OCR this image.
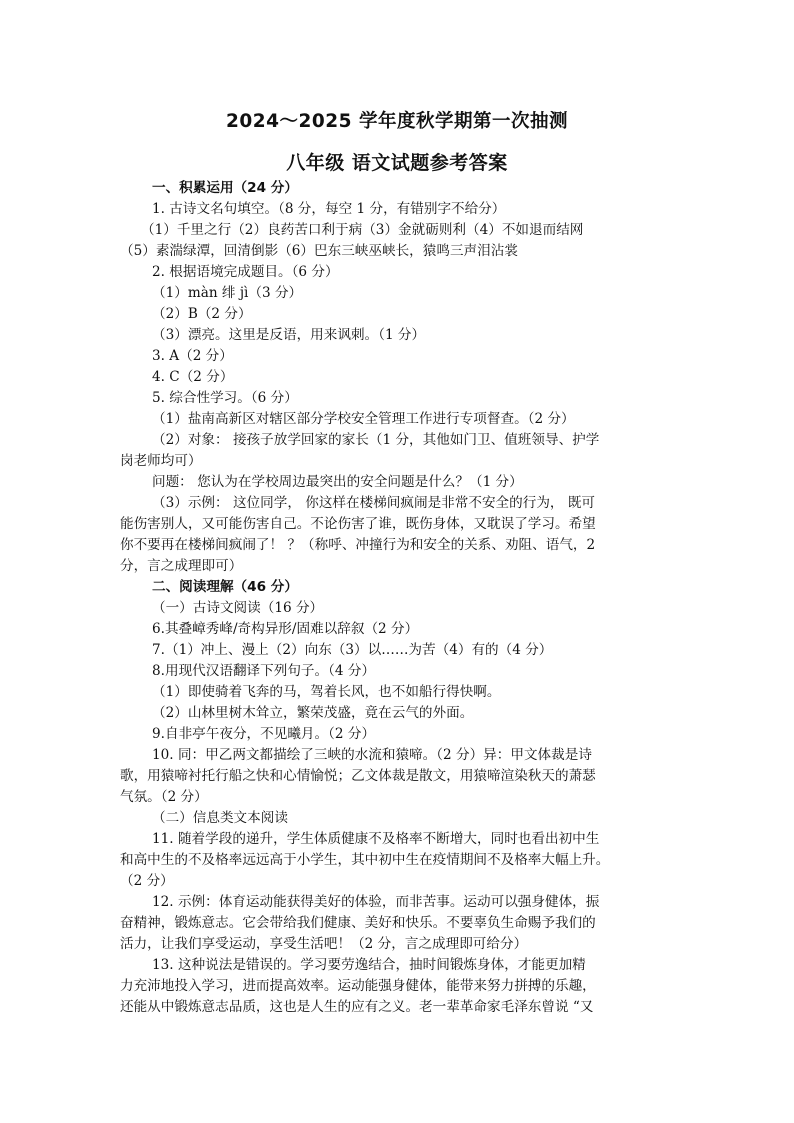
2024～2025 学年度秋学期第一次抽测
八年级 语文试题参考答案
一、积累运用（24 分）
1. 古诗文名句填空。（8 分，每空 1 分，有错别字不给分）
（1）千里之行（2）良药苦口利于病（3）金就砺则利（4）不如退而结网
（5）素湍绿潭，回清倒影（6）巴东三峡巫峡长，猿鸣三声泪沾裳
2. 根据语境完成题目。（6 分）
（1）màn 绯 jì（3 分）
（2）B（2 分）
（3）漂亮。这里是反语，用来讽刺。（1 分）
3. A（2 分）
4. C（2 分）
5. 综合性学习。（6 分）
（1）盐南高新区对辖区部分学校安全管理工作进行专项督查。（2 分）
（2）对象： 接孩子放学回家的家长（1 分，其他如门卫、值班领导、护学
岗老师均可）
问题： 您认为在学校周边最突出的安全问题是什么？（1 分）
（3）示例： 这位同学， 你这样在楼梯间疯闹是非常不安全的行为， 既可
能伤害别人，又可能伤害自己。不论伤害了谁，既伤身体，又耽误了学习。希望
你不要再在楼梯间疯闹了！ ？（称呼、冲撞行为和安全的关系、劝阻、语气，2
分，言之成理即可）
二、阅读理解（46 分）
（一）古诗文阅读（16 分）
6.其叠嶂秀峰/奇构异形/固难以辞叙（2 分）
7.（1）冲上、漫上（2）向东（3）以……为苦（4）有的（4 分）
8.用现代汉语翻译下列句子。（4 分）
（1）即使骑着飞奔的马，驾着长风，也不如船行得快啊。
（2）山林里树木耸立，繁荣茂盛，竟在云气的外面。
9.自非亭午夜分，不见曦月。（2 分）
10. 同：甲乙两文都描绘了三峡的水流和猿啼。（2 分）异：甲文体裁是诗
歌，用猿啼衬托行船之快和心情愉悦；乙文体裁是散文，用猿啼渲染秋天的萧瑟
气氛。（2 分）
（二）信息类文本阅读
11. 随着学段的递升，学生体质健康不及格率不断增大，同时也看出初中生
和高中生的不及格率远远高于小学生，其中初中生在疫情期间不及格率大幅上升。
（2 分）
12. 示例：体育运动能获得美好的体验，而非苦事。运动可以强身健体，振
奋精神，锻炼意志。它会带给我们健康、美好和快乐。不要辜负生命赐予我们的
活力，让我们享受运动，享受生活吧！（2 分，言之成理即可给分）
13. 这种说法是错误的。学习要劳逸结合，抽时间锻炼身体，才能更加精
力充沛地投入学习，进而提高效率。运动能强身健体，能带来努力拼搏的乐趣，
还能从中锻炼意志品质，这也是人生的应有之义。老一辈革命家毛泽东曾说 “又
